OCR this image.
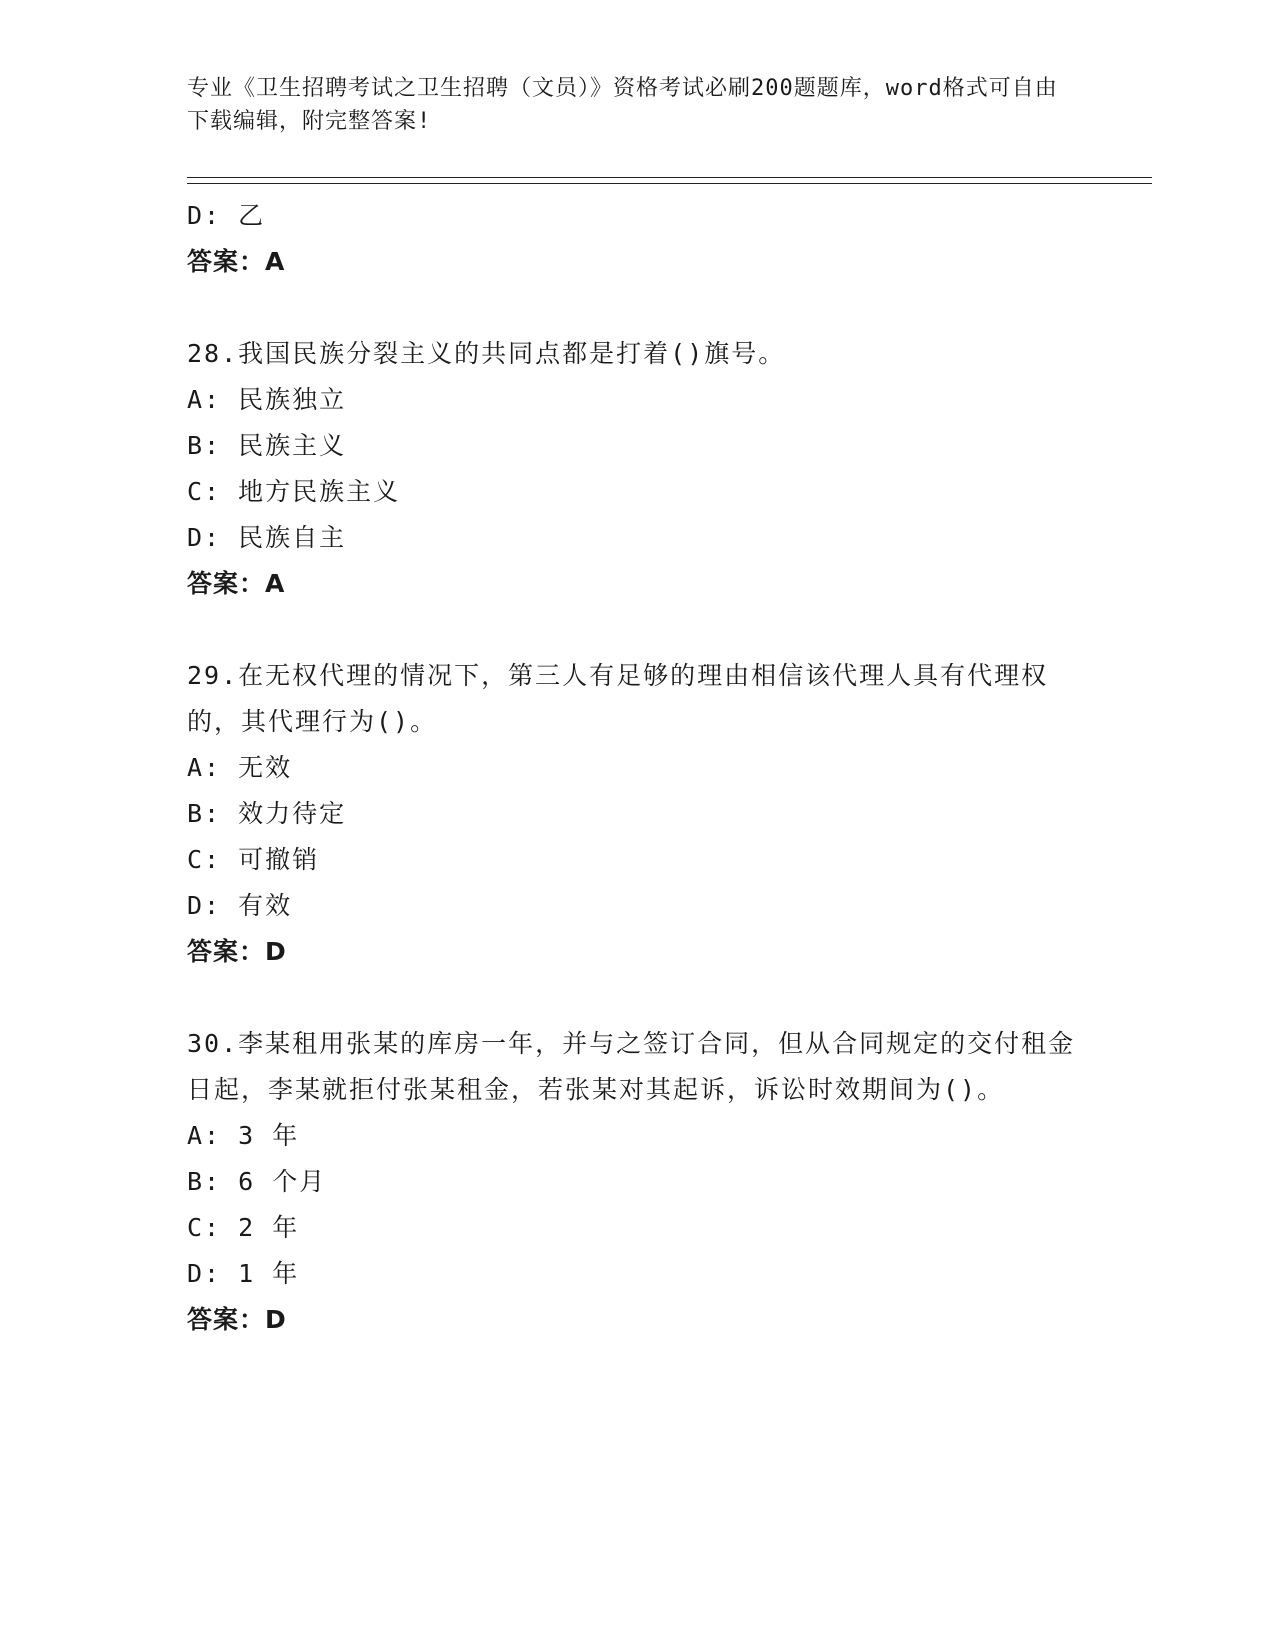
专业《卫生招聘考试之卫生招聘（文员）》资格考试必刷200题题库，word格式可自由下载编辑，附完整答案!
D: 乙
答案：A
28.我国民族分裂主义的共同点都是打着()旗号。
A: 民族独立
B: 民族主义
C: 地方民族主义
D: 民族自主
答案：A
29.在无权代理的情况下，第三人有足够的理由相信该代理人具有代理权的，其代理行为()。
A: 无效
B: 效力待定
C: 可撤销
D: 有效
答案：D
30.李某租用张某的库房一年，并与之签订合同，但从合同规定的交付租金日起，李某就拒付张某租金，若张某对其起诉，诉讼时效期间为()。
A: 3 年
B: 6 个月
C: 2 年
D: 1 年
答案：D
